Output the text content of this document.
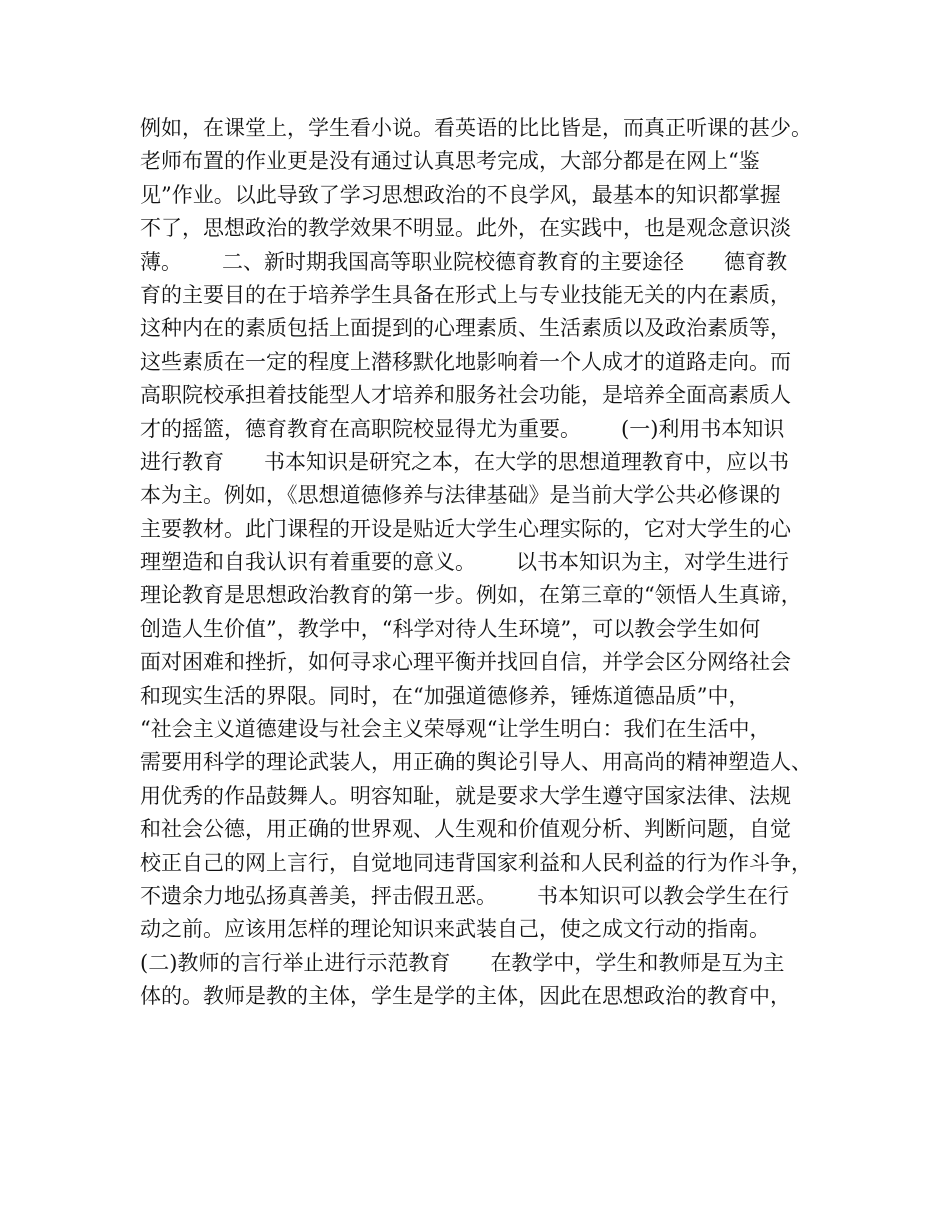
例如，在课堂上，学生看小说。看英语的比比皆是，而真正听课的甚少。
老师布置的作业更是没有通过认真思考完成，大部分都是在网上“鉴
见”作业。以此导致了学习思想政治的不良学风，最基本的知识都掌握
不了，思想政治的教学效果不明显。此外，在实践中，也是观念意识淡
薄。      二、新时期我国高等职业院校德育教育的主要途径      德育教
育的主要目的在于培养学生具备在形式上与专业技能无关的内在素质，
这种内在的素质包括上面提到的心理素质、生活素质以及政治素质等，
这些素质在一定的程度上潜移默化地影响着一个人成才的道路走向。而
高职院校承担着技能型人才培养和服务社会功能，是培养全面高素质人
才的摇篮，德育教育在高职院校显得尤为重要。      (一)利用书本知识
进行教育      书本知识是研究之本，在大学的思想道理教育中，应以书
本为主。例如，《思想道德修养与法律基础》是当前大学公共必修课的
主要教材。此门课程的开设是贴近大学生心理实际的，它对大学生的心
理塑造和自我认识有着重要的意义。      以书本知识为主，对学生进行
理论教育是思想政治教育的第一步。例如，在第三章的“领悟人生真谛，
创造人生价值”，教学中，“科学对待人生环境”，可以教会学生如何
面对困难和挫折，如何寻求心理平衡并找回自信，并学会区分网络社会
和现实生活的界限。同时，在“加强道德修养，锤炼道德品质”中，
“社会主义道德建设与社会主义荣辱观“让学生明白：我们在生活中，
需要用科学的理论武装人，用正确的舆论引导人、用高尚的精神塑造人、
用优秀的作品鼓舞人。明容知耻，就是要求大学生遵守国家法律、法规
和社会公德，用正确的世界观、人生观和价值观分析、判断问题，自觉
校正自己的网上言行，自觉地同违背国家利益和人民利益的行为作斗争，
不遗余力地弘扬真善美，抨击假丑恶。      书本知识可以教会学生在行
动之前。应该用怎样的理论知识来武装自己，使之成文行动的指南。
(二)教师的言行举止进行示范教育      在教学中，学生和教师是互为主
体的。教师是教的主体，学生是学的主体，因此在思想政治的教育中，
